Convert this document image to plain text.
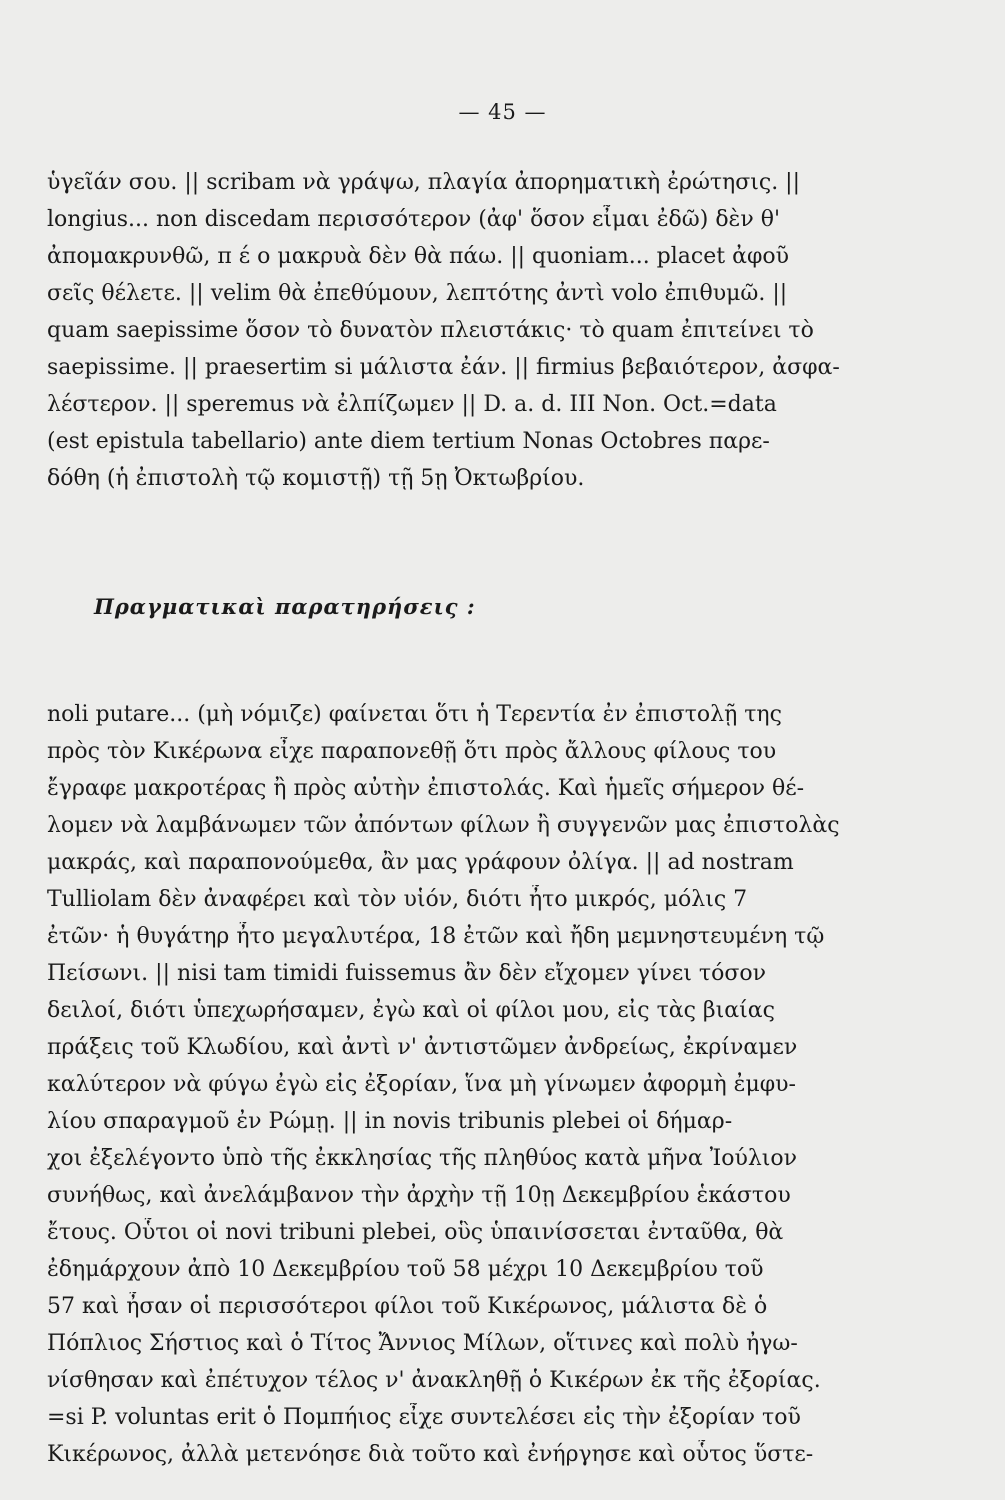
— 45 —
ὑγεῖάν σου. || scribam νὰ γράψω, πλαγία ἀπορηματικὴ ἐρώτησις. ||
longius... non discedam περισσότερον (ἀφ' ὅσον εἶμαι ἐδῶ) δὲν θ'
ἀπομακρυνθῶ, π έ ο μακρυὰ δὲν θὰ πάω. || quoniam... placet ἀφοῦ
σεῖς θέλετε. || velim θὰ ἐπεθύμουν, λεπτότης ἀντὶ volo ἐπιθυμῶ. ||
quam saepissime ὅσον τὸ δυνατὸν πλειστάκις· τὸ quam ἐπιτείνει τὸ
saepissime. || praesertim si μάλιστα ἐάν. || firmius βεβαιότερον, ἀσφα-
λέστερον. || speremus νὰ ἐλπίζωμεν || D. a. d. III Non. Oct.=data
(est epistula tabellario) ante diem tertium Nonas Octobres παρε-
δόθη (ἡ ἐπιστολὴ τῷ κομιστῇ) τῇ 5ῃ Ὀκτωβρίου.
Πραγματικαὶ παρατηρήσεις :
noli putare... (μὴ νόμιζε) φαίνεται ὅτι ἡ Τερεντία ἐν ἐπιστολῇ της
πρὸς τὸν Κικέρωνα εἶχε παραπονεθῇ ὅτι πρὸς ἄλλους φίλους του
ἔγραφε μακροτέρας ἢ πρὸς αὐτὴν ἐπιστολάς. Καὶ ἡμεῖς σήμερον θέ-
λομεν νὰ λαμβάνωμεν τῶν ἀπόντων φίλων ἢ συγγενῶν μας ἐπιστολὰς
μακράς, καὶ παραπονούμεθα, ἂν μας γράφουν ὀλίγα. || ad nostram
Tulliolam δὲν ἀναφέρει καὶ τὸν υἱόν, διότι ἦτο μικρός, μόλις 7
ἐτῶν· ἡ θυγάτηρ ἦτο μεγαλυτέρα, 18 ἐτῶν καὶ ἤδη μεμνηστευμένη τῷ
Πείσωνι. || nisi tam timidi fuissemus ἂν δὲν εἴχομεν γίνει τόσον
δειλοί, διότι ὑπεχωρήσαμεν, ἐγὼ καὶ οἱ φίλοι μου, εἰς τὰς βιαίας
πράξεις τοῦ Κλωδίου, καὶ ἀντὶ ν' ἀντιστῶμεν ἀνδρείως, ἐκρίναμεν
καλύτερον νὰ φύγω ἐγὼ εἰς ἐξορίαν, ἵνα μὴ γίνωμεν ἀφορμὴ ἐμφυ-
λίου σπαραγμοῦ ἐν Ρώμῃ. || in novis tribunis plebei οἱ δήμαρ-
χοι ἐξελέγοντο ὑπὸ τῆς ἐκκλησίας τῆς πληθύος κατὰ μῆνα Ἰούλιον
συνήθως, καὶ ἀνελάμβανον τὴν ἀρχὴν τῇ 10ῃ Δεκεμβρίου ἑκάστου
ἔτους. Οὗτοι οἱ novi tribuni plebei, οὓς ὑπαινίσσεται ἐνταῦθα, θὰ
ἐδημάρχουν ἀπὸ 10 Δεκεμβρίου τοῦ 58 μέχρι 10 Δεκεμβρίου τοῦ
57 καὶ ἦσαν οἱ περισσότεροι φίλοι τοῦ Κικέρωνος, μάλιστα δὲ ὁ
Πόπλιος Σήστιος καὶ ὁ Τίτος Ἄννιος Μίλων, οἵτινες καὶ πολὺ ἠγω-
νίσθησαν καὶ ἐπέτυχον τέλος ν' ἀνακληθῇ ὁ Κικέρων ἐκ τῆς ἐξορίας.
=si P. voluntas erit ὁ Πομπήιος εἶχε συντελέσει εἰς τὴν ἐξορίαν τοῦ
Κικέρωνος, ἀλλὰ μετενόησε διὰ τοῦτο καὶ ἐνήργησε καὶ οὗτος ὕστε-
